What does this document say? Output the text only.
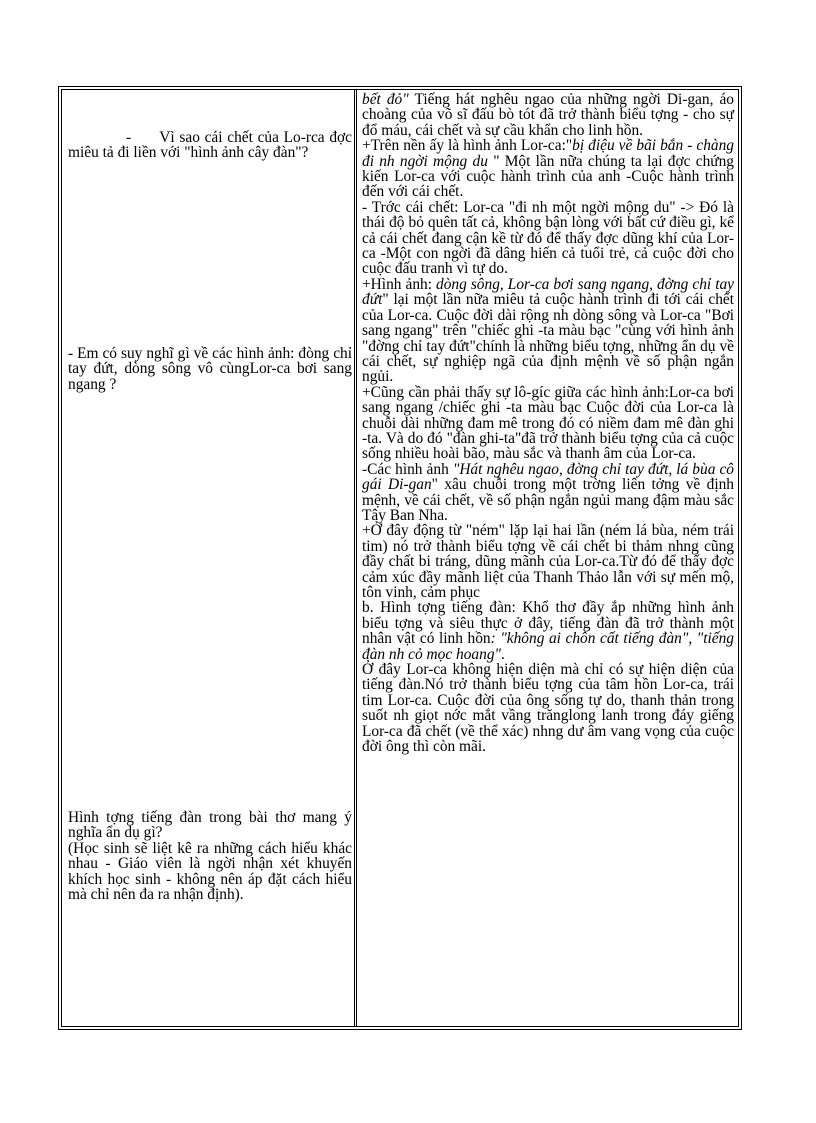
-      Vì sao cái chết của Lo-rca đợc miêu tả đi liền với "hình ảnh cây đàn"?

- Em có suy nghĩ gì về các hình ảnh: đòng chỉ tay đứt, dòng sông vô cùngLor-ca bơi sang ngang ?

Hình tợng tiếng đàn trong bài thơ mang ý nghĩa ẩn dụ gì?

(Học sinh sẽ liệt kê ra những cách hiểu khác nhau - Giáo viên là ngời nhận xét khuyến khích học sinh - không nên áp đặt cách hiểu mà chỉ nên đa ra nhận định).

bết đỏ" Tiếng hát nghêu ngao của những ngời Di-gan, áo choàng của võ sĩ đấu bò tót đã trở thành biểu tợng - cho sự đổ máu, cái chết và sự cầu khẩn cho linh hồn.

+Trên nền ấy là hình ảnh Lor-ca:"bị điệu về bãi bắn - chàng đi nh ngời mộng du " Một lần nữa chúng ta lại đợc chứng kiến Lor-ca với cuộc hành trình của anh -Cuộc hành trình đến với cái chết.

- Trớc cái chết: Lor-ca "đi nh một ngời mộng du" -> Đó là thái độ bỏ quên tất cả, không bận lòng với bất cứ điều gì, kể cả cái chết đang cận kề từ đó để thấy đợc dũng khí của Lor-ca -Một con ngời đã dâng hiến cả tuổi trẻ, cả cuộc đời cho cuộc đấu tranh vì tự do.

+Hình ảnh: dòng sông, Lor-ca bơi sang ngang, đờng chỉ tay đứt" lại một lần nữa miêu tả cuộc hành trình đi tới cái chết của Lor-ca. Cuộc đời dài rộng nh dòng sông và Lor-ca "Bơi sang ngang" trên "chiếc ghi -ta màu bạc "cùng với hình ảnh "đờng chỉ tay đứt"chính là những biểu tợng, những ẩn dụ về cái chết, sự nghiệp ngã của định mệnh về số phận ngắn ngủi.

+Cũng cần phải thấy sự lô-gíc giữa các hình ảnh:Lor-ca bơi sang ngang /chiếc ghi -ta màu bạc Cuộc đời của Lor-ca là chuỗi dài những đam mê trong đó có niềm đam mê đàn ghi -ta. Và do đó "đàn ghi-ta"đã trở thành biểu tợng của cả cuộc sống nhiều hoài bão, màu sắc và thanh âm của Lor-ca.

-Các hình ảnh "Hát nghêu ngao, đờng chỉ tay đứt, lá bùa cô gái Di-gan" xâu chuỗi trong một trờng liên tởng về định mệnh, về cái chết, về số phận ngắn ngủi mang đậm màu sắc Tây Ban Nha.

+Ở đây động từ "ném" lặp lại hai lần (ném lá bùa, ném trái tim) nó trở thành biểu tợng về cái chết bi thảm nhng cũng đầy chất bi tráng, dũng mãnh của Lor-ca.Từ đó để thấy đợc cảm xúc đầy mãnh liệt của Thanh Thảo lẫn với sự mến mộ, tôn vinh, cảm phục

b. Hình tợng tiếng đàn: Khổ thơ đầy ắp những hình ảnh biểu tợng và siêu thực ở đây, tiếng đàn đã trở thành một nhân vật có linh hồn: "không ai chôn cất tiếng đàn", "tiếng đàn nh cỏ mọc hoang".

Ở đây Lor-ca không hiện diện mà chỉ có sự hiện diện của tiếng đàn.Nó trở thành biểu tợng của tâm hồn Lor-ca, trái tim Lor-ca. Cuộc đời của ông sống tự do, thanh thản trong suốt nh giọt nớc mắt vầng trănglong lanh trong đáy giếng Lor-ca đã chết (về thể xác) nhng dư âm vang vọng của cuộc đời ông thì còn mãi.
